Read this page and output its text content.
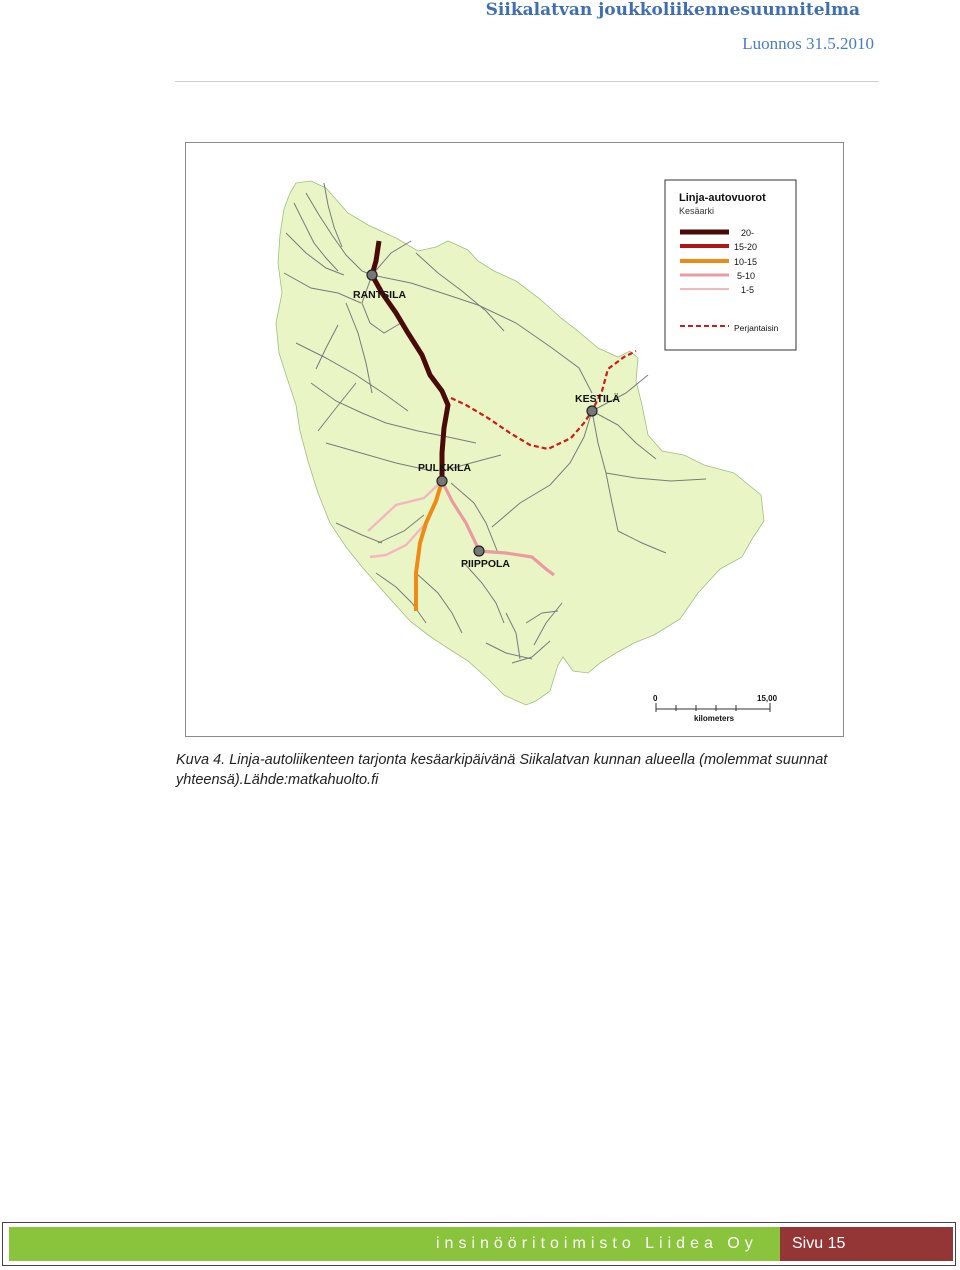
Siikalatvan joukkoliikennesuunnitelma
Luonnos 31.5.2010
RANTSILA
KESTILÄ
PULKKILA
PIIPPOLA
Linja-autovuorot
Kesäarki
20-
15-20
10-15
5-10
1-5
Perjantaisin
0	15,00
kilometers
Kuva 4. Linja-autoliikenteen tarjonta kesäarkipäivänä Siikalatvan kunnan alueella (molemmat suunnat yhteensä).Lähde:matkahuolto.fi
insinööritoimisto Liidea Oy Sivu 15
